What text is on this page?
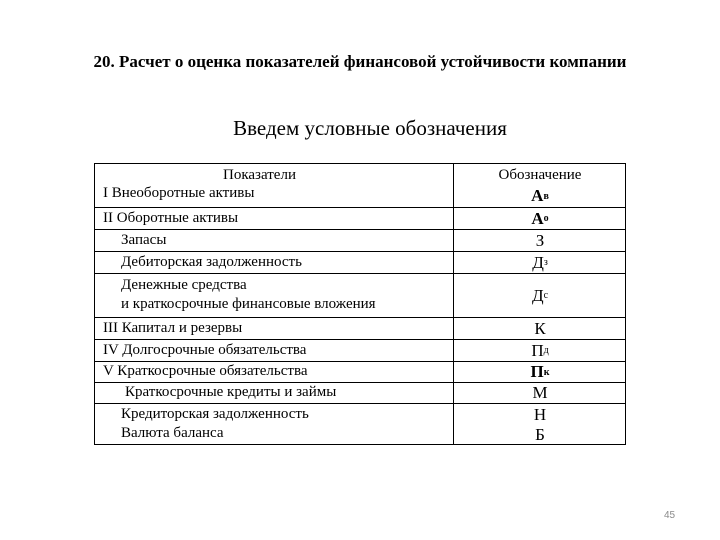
20. Расчет о оценка показателей финансовой устойчивости компании
Введем условные обозначения
Показатели	Обозначение
I Внеоборотные активы	А в
II Оборотные активы	А о
Запасы	З
Дебиторская задолженность	Д з
Денежные средства
и краткосрочные финансовые вложения	Д с
III Капитал и резервы	К
IV Долгосрочные обязательства	П д
V Краткосрочные обязательства	П к
Краткосрочные кредиты и займы	М
Кредиторская задолженность	Н
Валюта баланса	Б
45
